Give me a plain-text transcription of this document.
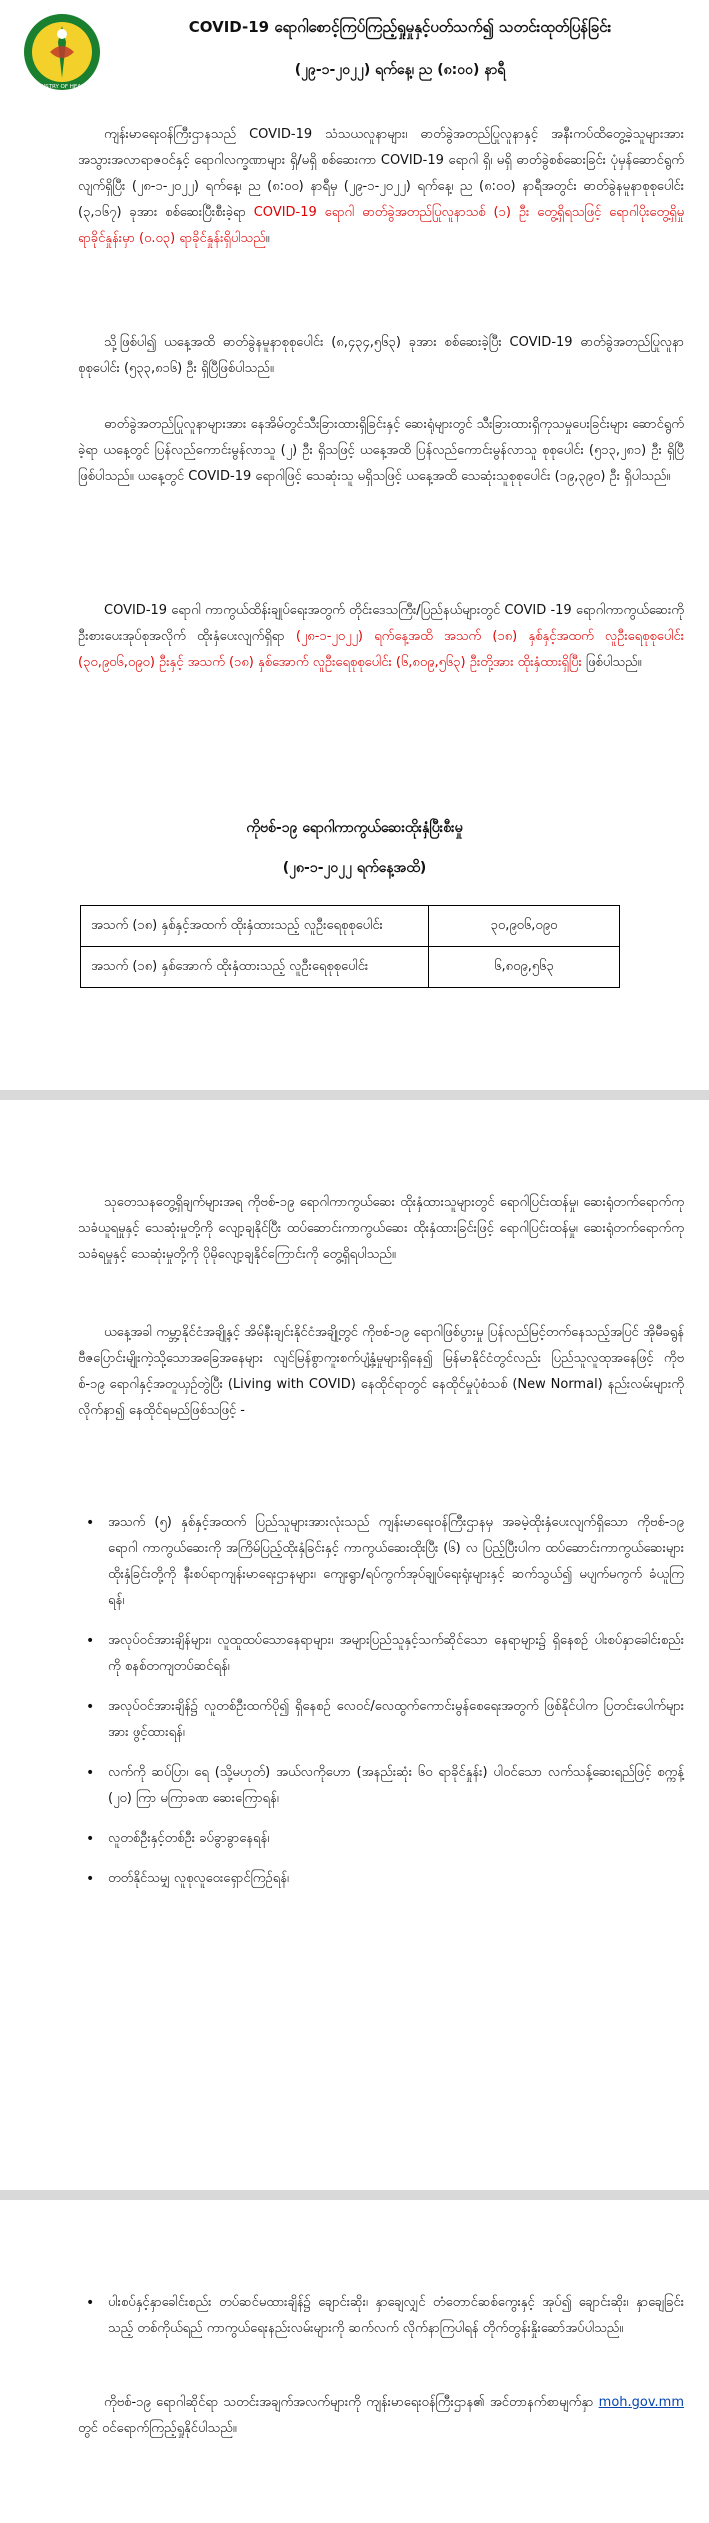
MINISTRY OF HEALTH
COVID-19 ရောဂါစောင့်ကြပ်ကြည့်ရှုမှုနှင့်ပတ်သက်၍ သတင်းထုတ်ပြန်ခြင်း
(၂၉-၁-၂၀၂၂) ရက်နေ့၊ ည (၈:၀၀) နာရီ

ကျန်းမာရေးဝန်ကြီးဌာနသည် COVID-19 သံသယလူနာများ၊ ဓာတ်ခွဲအတည်ပြုလူနာနှင့် အနီးကပ်ထိတွေ့ခဲ့သူများအား အသွားအလာရာဇဝင်နှင့် ရောဂါလက္ခဏာများ ရှိ/မရှိ စစ်ဆေးကာ COVID-19 ရောဂါ ရှိ၊ မရှိ ဓာတ်ခွဲစစ်ဆေးခြင်း ပုံမှန်ဆောင်ရွက်လျက်ရှိပြီး (၂၈-၁-၂၀၂၂) ရက်နေ့၊ ည (၈:၀၀) နာရီမှ (၂၉-၁-၂၀၂၂) ရက်နေ့၊ ည (၈:၀၀) နာရီအတွင်း ဓာတ်ခွဲနမူနာစုစုပေါင်း (၃,၁၆၇) ခုအား စစ်ဆေးပြီးစီးခဲ့ရာ COVID-19 ရောဂါ ဓာတ်ခွဲအတည်ပြုလူနာသစ် (၁) ဦး တွေ့ရှိရသဖြင့် ရောဂါပိုးတွေ့ရှိမှု ရာခိုင်နှုန်းမှာ (၀.၀၃) ရာခိုင်နှုန်းရှိပါသည်။

သို့ဖြစ်ပါ၍ ယနေ့အထိ ဓာတ်ခွဲနမူနာစုစုပေါင်း (၈,၄၃၄,၅၆၃) ခုအား စစ်ဆေးခဲ့ပြီး COVID-19 ဓာတ်ခွဲအတည်ပြုလူနာ စုစုပေါင်း (၅၃၃,၈၁၆) ဦး ရှိပြီဖြစ်ပါသည်။

ဓာတ်ခွဲအတည်ပြုလူနာများအား နေအိမ်တွင်သီးခြားထားရှိခြင်းနှင့် ဆေးရုံများတွင် သီးခြားထားရှိကုသမှုပေးခြင်းများ ဆောင်ရွက်ခဲ့ရာ ယနေ့တွင် ပြန်လည်ကောင်းမွန်လာသူ (၂) ဦး ရှိသဖြင့် ယနေ့အထိ ပြန်လည်ကောင်းမွန်လာသူ စုစုပေါင်း (၅၁၃,၂၈၁) ဦး ရှိပြီဖြစ်ပါသည်။ ယနေ့တွင် COVID-19 ရောဂါဖြင့် သေဆုံးသူ မရှိသဖြင့် ယနေ့အထိ သေဆုံးသူစုစုပေါင်း (၁၉,၃၉၀) ဦး ရှိပါသည်။

COVID-19 ရောဂါ ကာကွယ်ထိန်းချုပ်ရေးအတွက် တိုင်းဒေသကြီး/ပြည်နယ်များတွင် COVID -19 ရောဂါကာကွယ်ဆေးကို ဦးစားပေးအုပ်စုအလိုက် ထိုးနှံပေးလျက်ရှိရာ (၂၈-၁-၂၀၂၂) ရက်နေ့အထိ အသက် (၁၈) နှစ်နှင့်အထက် လူဦးရေစုစုပေါင်း (၃၀,၉၀၆,၀၉၀) ဦးနှင့် အသက် (၁၈) နှစ်အောက် လူဦးရေစုစုပေါင်း (၆,၈၀၉,၅၆၃) ဦးတို့အား ထိုးနှံထားရှိပြီး ဖြစ်ပါသည်။

ကိုဗစ်-၁၉ ရောဂါကာကွယ်ဆေးထိုးနှံပြီးစီးမှု
(၂၈-၁-၂၀၂၂ ရက်နေ့အထိ)
အသက် (၁၈) နှစ်နှင့်အထက် ထိုးနှံထားသည့် လူဦးရေစုစုပေါင်း	၃၀,၉၀၆,၀၉၀
အသက် (၁၈) နှစ်အောက် ထိုးနှံထားသည့် လူဦးရေစုစုပေါင်း	၆,၈၀၉,၅၆၃

သုတေသနတွေ့ရှိချက်များအရ ကိုဗစ်-၁၉ ရောဂါကာကွယ်ဆေး ထိုးနှံထားသူများတွင် ရောဂါပြင်းထန်မှု၊ ဆေးရုံတက်ရောက်ကုသခံယူရမှုနှင့် သေဆုံးမှုတို့ကို လျော့ချနိုင်ပြီး ထပ်ဆောင်းကာကွယ်ဆေး ထိုးနှံထားခြင်းဖြင့် ရောဂါပြင်းထန်မှု၊ ဆေးရုံတက်ရောက်ကုသခံရမှုနှင့် သေဆုံးမှုတို့ကို ပိုမိုလျော့ချနိုင်ကြောင်းကို တွေ့ရှိရပါသည်။

ယနေ့အခါ ကမ္ဘာ့နိုင်ငံအချို့နှင့် အိမ်နီးချင်းနိုင်ငံအချို့တွင် ကိုဗစ်-၁၉ ရောဂါဖြစ်ပွားမှု ပြန်လည်မြင့်တက်နေသည့်အပြင် အိုမီခရွန်ဗီဇပြောင်းမျိုးကဲ့သို့သောအခြေအနေများ လျင်မြန်စွာကူးစက်ပျံ့နှံ့မှုများရှိနေ၍ မြန်မာနိုင်ငံတွင်လည်း ပြည်သူလူထုအနေဖြင့် ကိုဗစ်-၁၉ ရောဂါနှင့်အတူယှဉ်တွဲပြီး (Living with COVID) နေထိုင်ရာတွင် နေထိုင်မှုပုံစံသစ် (New Normal) နည်းလမ်းများကို လိုက်နာ၍ နေထိုင်ရမည်ဖြစ်သဖြင့် -

• အသက် (၅) နှစ်နှင့်အထက် ပြည်သူများအားလုံးသည် ကျန်းမာရေးဝန်ကြီးဌာနမှ အခမဲ့ထိုးနှံပေးလျက်ရှိသော ကိုဗစ်-၁၉ ရောဂါ ကာကွယ်ဆေးကို အကြိမ်ပြည့်ထိုးနှံခြင်းနှင့် ကာကွယ်ဆေးထိုးပြီး (၆) လ ပြည့်ပြီးပါက ထပ်ဆောင်းကာကွယ်ဆေးများ ထိုးနှံခြင်းတို့ကို နီးစပ်ရာကျန်းမာရေးဌာနများ၊ ကျေးရွာ/ရပ်ကွက်အုပ်ချုပ်ရေးရုံးများနှင့် ဆက်သွယ်၍ မပျက်မကွက် ခံယူကြရန်၊
• အလုပ်ဝင်အားချိန်များ၊ လူထူထပ်သောနေရာများ၊ အများပြည်သူနှင့်သက်ဆိုင်သော နေရာများ၌ ရှိနေစဉ် ပါးစပ်နှာခေါင်းစည်းကို စနစ်တကျတပ်ဆင်ရန်၊
• အလုပ်ဝင်အားချိန်၌ လူတစ်ဦးထက်ပို၍ ရှိနေစဉ် လေဝင်/လေထွက်ကောင်းမွန်စေရေးအတွက် ဖြစ်နိုင်ပါက ပြတင်းပေါက်များအား ဖွင့်ထားရန်၊
• လက်ကို ဆပ်ပြာ၊ ရေ (သို့မဟုတ်) အယ်လကိုဟော (အနည်းဆုံး ၆၀ ရာခိုင်နှုန်း) ပါဝင်သော လက်သန့်ဆေးရည်ဖြင့် စက္ကန့် (၂၀) ကြာ မကြာခဏ ဆေးကြောရန်၊
• လူတစ်ဦးနှင့်တစ်ဦး ခပ်ခွာခွာနေရန်၊
• တတ်နိုင်သမျှ လူစုလူဝေးရှောင်ကြဉ်ရန်၊
• ပါးစပ်နှင့်နှာခေါင်းစည်း တပ်ဆင်မထားချိန်၌ ချောင်းဆိုး၊ နှာချေလျှင် တံတောင်ဆစ်ကွေးနှင့် အုပ်၍ ချောင်းဆိုး၊ နှာချေခြင်းသည့် တစ်ကိုယ်ရည် ကာကွယ်ရေးနည်းလမ်းများကို ဆက်လက် လိုက်နာကြပါရန် တိုက်တွန်းနှိုးဆော်အပ်ပါသည်။

ကိုဗစ်-၁၉ ရောဂါဆိုင်ရာ သတင်းအချက်အလက်များကို ကျန်းမာရေးဝန်ကြီးဌာန၏ အင်တာနက်စာမျက်နှာ moh.gov.mm တွင် ဝင်ရောက်ကြည့်ရှုနိုင်ပါသည်။
